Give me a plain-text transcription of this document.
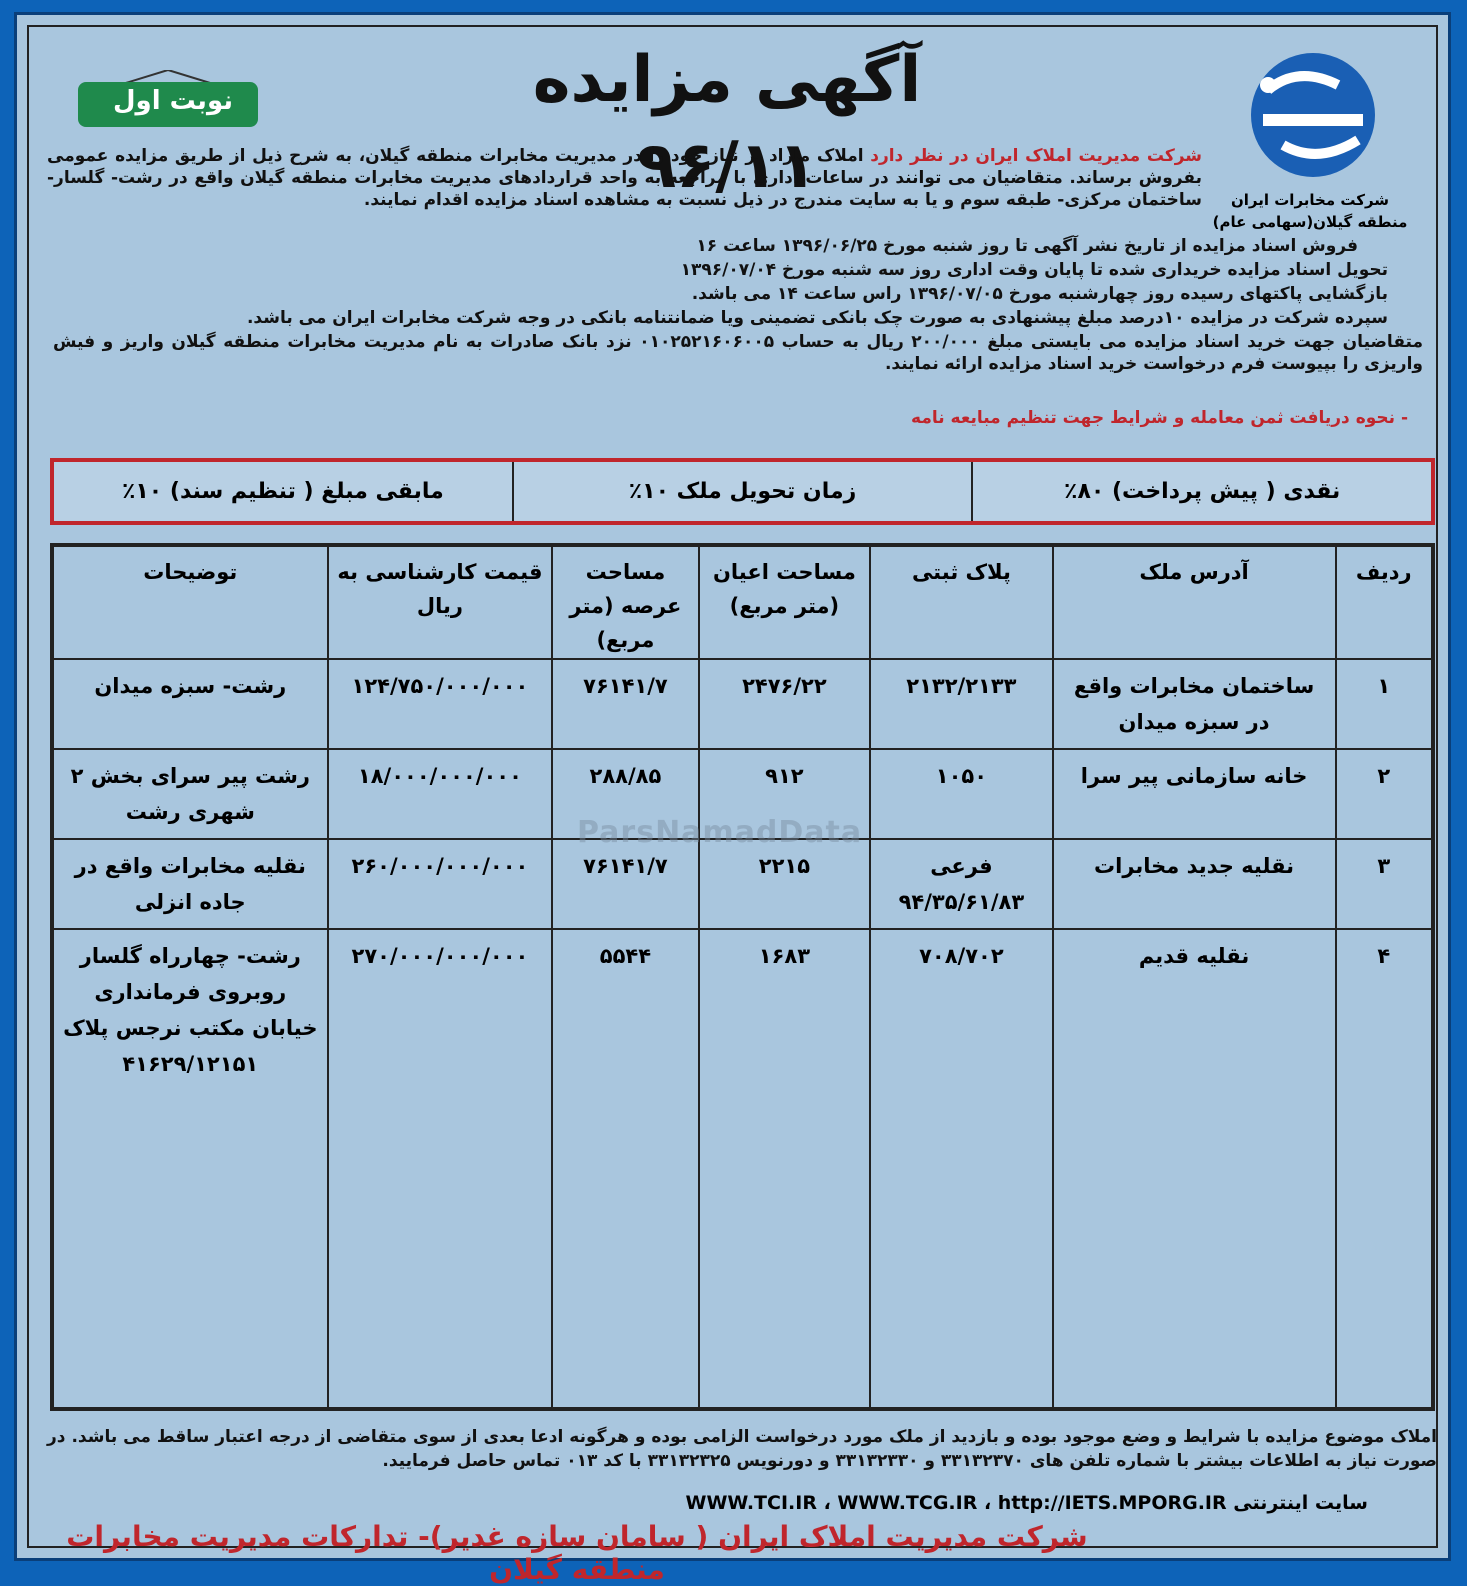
آگهی مزایده ۹۶/۱۱	شرکت مخابرات ایران
منطقه گیلان(سهامی عام)
نوبت اول
شرکت مدیریت املاک ایران در نظر دارد املاک مازاد بر نیاز خود را در مدیریت مخابرات منطقه گیلان، به شرح ذیل از طریق مزایده عمومی بفروش برساند. متقاضیان می توانند در ساعات اداری با مراجعه به واحد قراردادهای مدیریت مخابرات منطقه گیلان واقع در رشت- گلسار- ساختمان مرکزی- طبقه سوم و یا به سایت مندرج در ذیل نسبت به مشاهده اسناد مزایده اقدام نمایند.
فروش اسناد مزایده از تاریخ نشر آگهی تا روز شنبه مورخ ۱۳۹۶/۰۶/۲۵ ساعت ۱۶
تحویل اسناد مزایده خریداری شده تا پایان وقت اداری روز سه شنبه مورخ ۱۳۹۶/۰۷/۰۴
بازگشایی پاکتهای رسیده روز چهارشنبه مورخ ۱۳۹۶/۰۷/۰۵ راس ساعت ۱۴ می باشد.
سپرده شرکت در مزایده ۱۰درصد مبلغ پیشنهادی به صورت چک بانکی تضمینی ویا ضمانتنامه بانکی در وجه شرکت مخابرات ایران می باشد.
متقاضیان جهت خرید اسناد مزایده می بایستی مبلغ ۲۰۰/۰۰۰ ریال به حساب ۰۱۰۲۵۲۱۶۰۶۰۰۵ نزد بانک صادرات به نام مدیریت مخابرات منطقه گیلان واریز و فیش واریزی را بپیوست فرم درخواست خرید اسناد مزایده ارائه نمایند.
- نحوه دریافت ثمن معامله و شرایط جهت تنظیم مبایعه نامه
نقدی ( پیش پرداخت) ۸۰٪
زمان تحویل ملک ۱۰٪
مابقی مبلغ ( تنظیم سند) ۱۰٪
ردیف	آدرس ملک	پلاک ثبتی	مساحت اعیان (متر مربع)	مساحت عرصه (متر مربع)	قیمت کارشناسی به ریال	توضیحات
۱	ساختمان مخابرات واقع در سبزه میدان	۲۱۳۲/۲۱۳۳	۲۴۷۶/۲۲	۷۶۱۴۱/۷	۱۲۴/۷۵۰/۰۰۰/۰۰۰	رشت- سبزه میدان
۲	خانه سازمانی پیر سرا	۱۰۵۰	۹۱۲	۲۸۸/۸۵	۱۸/۰۰۰/۰۰۰/۰۰۰	رشت پیر سرای بخش ۲ شهری رشت
۳	نقلیه جدید مخابرات	فرعی ۹۴/۳۵/۶۱/۸۳	۲۲۱۵	۷۶۱۴۱/۷	۲۶۰/۰۰۰/۰۰۰/۰۰۰	نقلیه مخابرات واقع در جاده انزلی
۴	نقلیه قدیم	۷۰۸/۷۰۲	۱۶۸۳	۵۵۴۴	۲۷۰/۰۰۰/۰۰۰/۰۰۰	رشت- چهارراه گلسار روبروی فرمانداری خیابان مکتب نرجس پلاک ۴۱۶۲۹/۱۲۱۵۱
ParsNamadData
املاک موضوع مزایده با شرایط و وضع موجود بوده و بازدید از ملک مورد درخواست الزامی بوده و هرگونه ادعا بعدی از سوی متقاضی از درجه اعتبار ساقط می باشد. در صورت نیاز به اطلاعات بیشتر با شماره تلفن های ۳۳۱۳۲۳۷۰ و ۳۳۱۳۲۳۳۰ و دورنویس ۳۳۱۳۲۳۲۵ با کد ۰۱۳ تماس حاصل فرمایید.
سایت اینترنتی WWW.TCI.IR ، WWW.TCG.IR ، http://IETS.MPORG.IR
شرکت مدیریت املاک ایران ( سامان سازه غدیر)- تدارکات مدیریت مخابرات منطقه گیلان
